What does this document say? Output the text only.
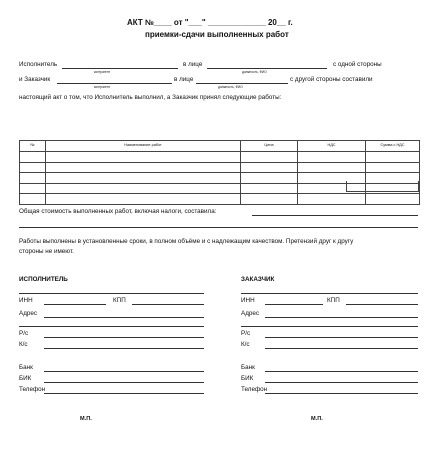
АКТ №____ от "___" _____________ 20__ г.
приемки-сдачи выполненных работ
Исполнитель	в лице	с одной стороны
контрагент	должность, ФИО
и Заказчик	в лице	с другой стороны составили
контрагент	должность, ФИО
настоящий акт о том, что Исполнитель выполнил, а Заказчик принял следующие работы:
№	Наименование работ	Цена	НДС	Сумма с НДС

Общая стоимость выполненных работ, включая налоги, составила:
Работы выполнены в установленные сроки, в полном объёме и с надлежащим качеством. Претензий друг к другу
стороны не имеют.
ИСПОЛНИТЕЛЬ
ИНН	КПП
Адрес
Р/с
К/с
Банк
БИК
Телефон
М.П.
ЗАКАЗЧИК
ИНН	КПП
Адрес
Р/с
К/с
Банк
БИК
Телефон
М.П.
